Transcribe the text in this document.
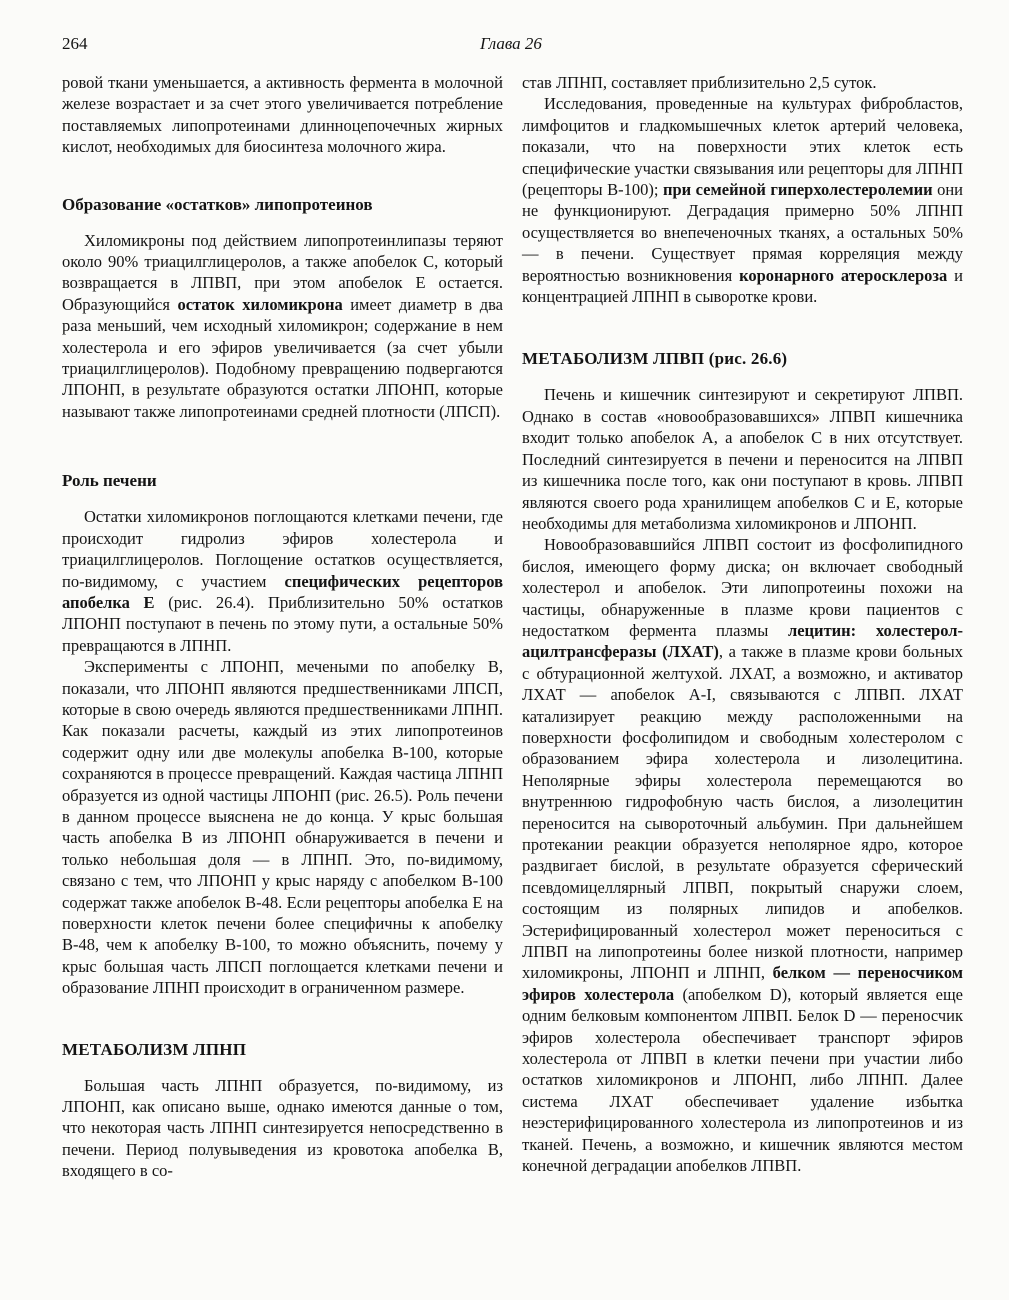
264	Глава 26

ровой ткани уменьшается, а активность фермента в молочной железе возрастает и за счет этого увеличивается потребление поставляемых липопротеинами длинноцепочечных жирных кислот, необходимых для биосинтеза молочного жира.

Образование «остатков» липопротеинов

Хиломикроны под действием липопротеинлипазы теряют около 90% триацилглицеролов, а также апобелок С, который возвращается в ЛПВП, при этом апобелок Е остается. Образующийся остаток хиломикрона имеет диаметр в два раза меньший, чем исходный хиломикрон; содержание в нем холестерола и его эфиров увеличивается (за счет убыли триацилглицеролов). Подобному превращению подвергаются ЛПОНП, в результате образуются остатки ЛПОНП, которые называют также липопротеинами средней плотности (ЛПСП).

Роль печени

Остатки хиломикронов поглощаются клетками печени, где происходит гидролиз эфиров холестерола и триацилглицеролов. Поглощение остатков осуществляется, по-видимому, с участием специфических рецепторов апобелка Е (рис. 26.4). Приблизительно 50% остатков ЛПОНП поступают в печень по этому пути, а остальные 50% превращаются в ЛПНП.

Эксперименты с ЛПОНП, мечеными по апобелку В, показали, что ЛПОНП являются предшественниками ЛПСП, которые в свою очередь являются предшественниками ЛПНП. Как показали расчеты, каждый из этих липопротеинов содержит одну или две молекулы апобелка В-100, которые сохраняются в процессе превращений. Каждая частица ЛПНП образуется из одной частицы ЛПОНП (рис. 26.5). Роль печени в данном процессе выяснена не до конца. У крыс большая часть апобелка В из ЛПОНП обнаруживается в печени и только небольшая доля — в ЛПНП. Это, по-видимому, связано с тем, что ЛПОНП у крыс наряду с апобелком В-100 содержат также апобелок В-48. Если рецепторы апобелка Е на поверхности клеток печени более специфичны к апобелку В-48, чем к апобелку В-100, то можно объяснить, почему у крыс большая часть ЛПСП поглощается клетками печени и образование ЛПНП происходит в ограниченном размере.

МЕТАБОЛИЗМ ЛПНП

Большая часть ЛПНП образуется, по-видимому, из ЛПОНП, как описано выше, однако имеются данные о том, что некоторая часть ЛПНП синтезируется непосредственно в печени. Период полувыведения из кровотока апобелка В, входящего в со-

став ЛПНП, составляет приблизительно 2,5 суток.

Исследования, проведенные на культурах фибробластов, лимфоцитов и гладкомышечных клеток артерий человека, показали, что на поверхности этих клеток есть специфические участки связывания или рецепторы для ЛПНП (рецепторы В-100); при семейной гиперхолестеролемии они не функционируют. Деградация примерно 50% ЛПНП осуществляется во внепеченочных тканях, а остальных 50% — в печени. Существует прямая корреляция между вероятностью возникновения коронарного атеросклероза и концентрацией ЛПНП в сыворотке крови.

МЕТАБОЛИЗМ ЛПВП (рис. 26.6)

Печень и кишечник синтезируют и секретируют ЛПВП. Однако в состав «новообразовавшихся» ЛПВП кишечника входит только апобелок А, а апобелок С в них отсутствует. Последний синтезируется в печени и переносится на ЛПВП из кишечника после того, как они поступают в кровь. ЛПВП являются своего рода хранилищем апобелков С и Е, которые необходимы для метаболизма хиломикронов и ЛПОНП.

Новообразовавшийся ЛПВП состоит из фосфолипидного бислоя, имеющего форму диска; он включает свободный холестерол и апобелок. Эти липопротеины похожи на частицы, обнаруженные в плазме крови пациентов с недостатком фермента плазмы лецитин: холестерол-ацилтрансферазы (ЛХАТ), а также в плазме крови больных с обтурационной желтухой. ЛХАТ, а возможно, и активатор ЛХАТ — апобелок А-I, связываются с ЛПВП. ЛХАТ катализирует реакцию между расположенными на поверхности фосфолипидом и свободным холестеролом с образованием эфира холестерола и лизолецитина. Неполярные эфиры холестерола перемещаются во внутреннюю гидрофобную часть бислоя, а лизолецитин переносится на сывороточный альбумин. При дальнейшем протекании реакции образуется неполярное ядро, которое раздвигает бислой, в результате образуется сферический псевдомицеллярный ЛПВП, покрытый снаружи слоем, состоящим из полярных липидов и апобелков. Эстерифицированный холестерол может переноситься с ЛПВП на липопротеины более низкой плотности, например хиломикроны, ЛПОНП и ЛПНП, белком — переносчиком эфиров холестерола (апобелком D), который является еще одним белковым компонентом ЛПВП. Белок D — переносчик эфиров холестерола обеспечивает транспорт эфиров холестерола от ЛПВП в клетки печени при участии либо остатков хиломикронов и ЛПОНП, либо ЛПНП. Далее система ЛХАТ обеспечивает удаление избытка неэстерифицированного холестерола из липопротеинов и из тканей. Печень, а возможно, и кишечник являются местом конечной деградации апобелков ЛПВП.
